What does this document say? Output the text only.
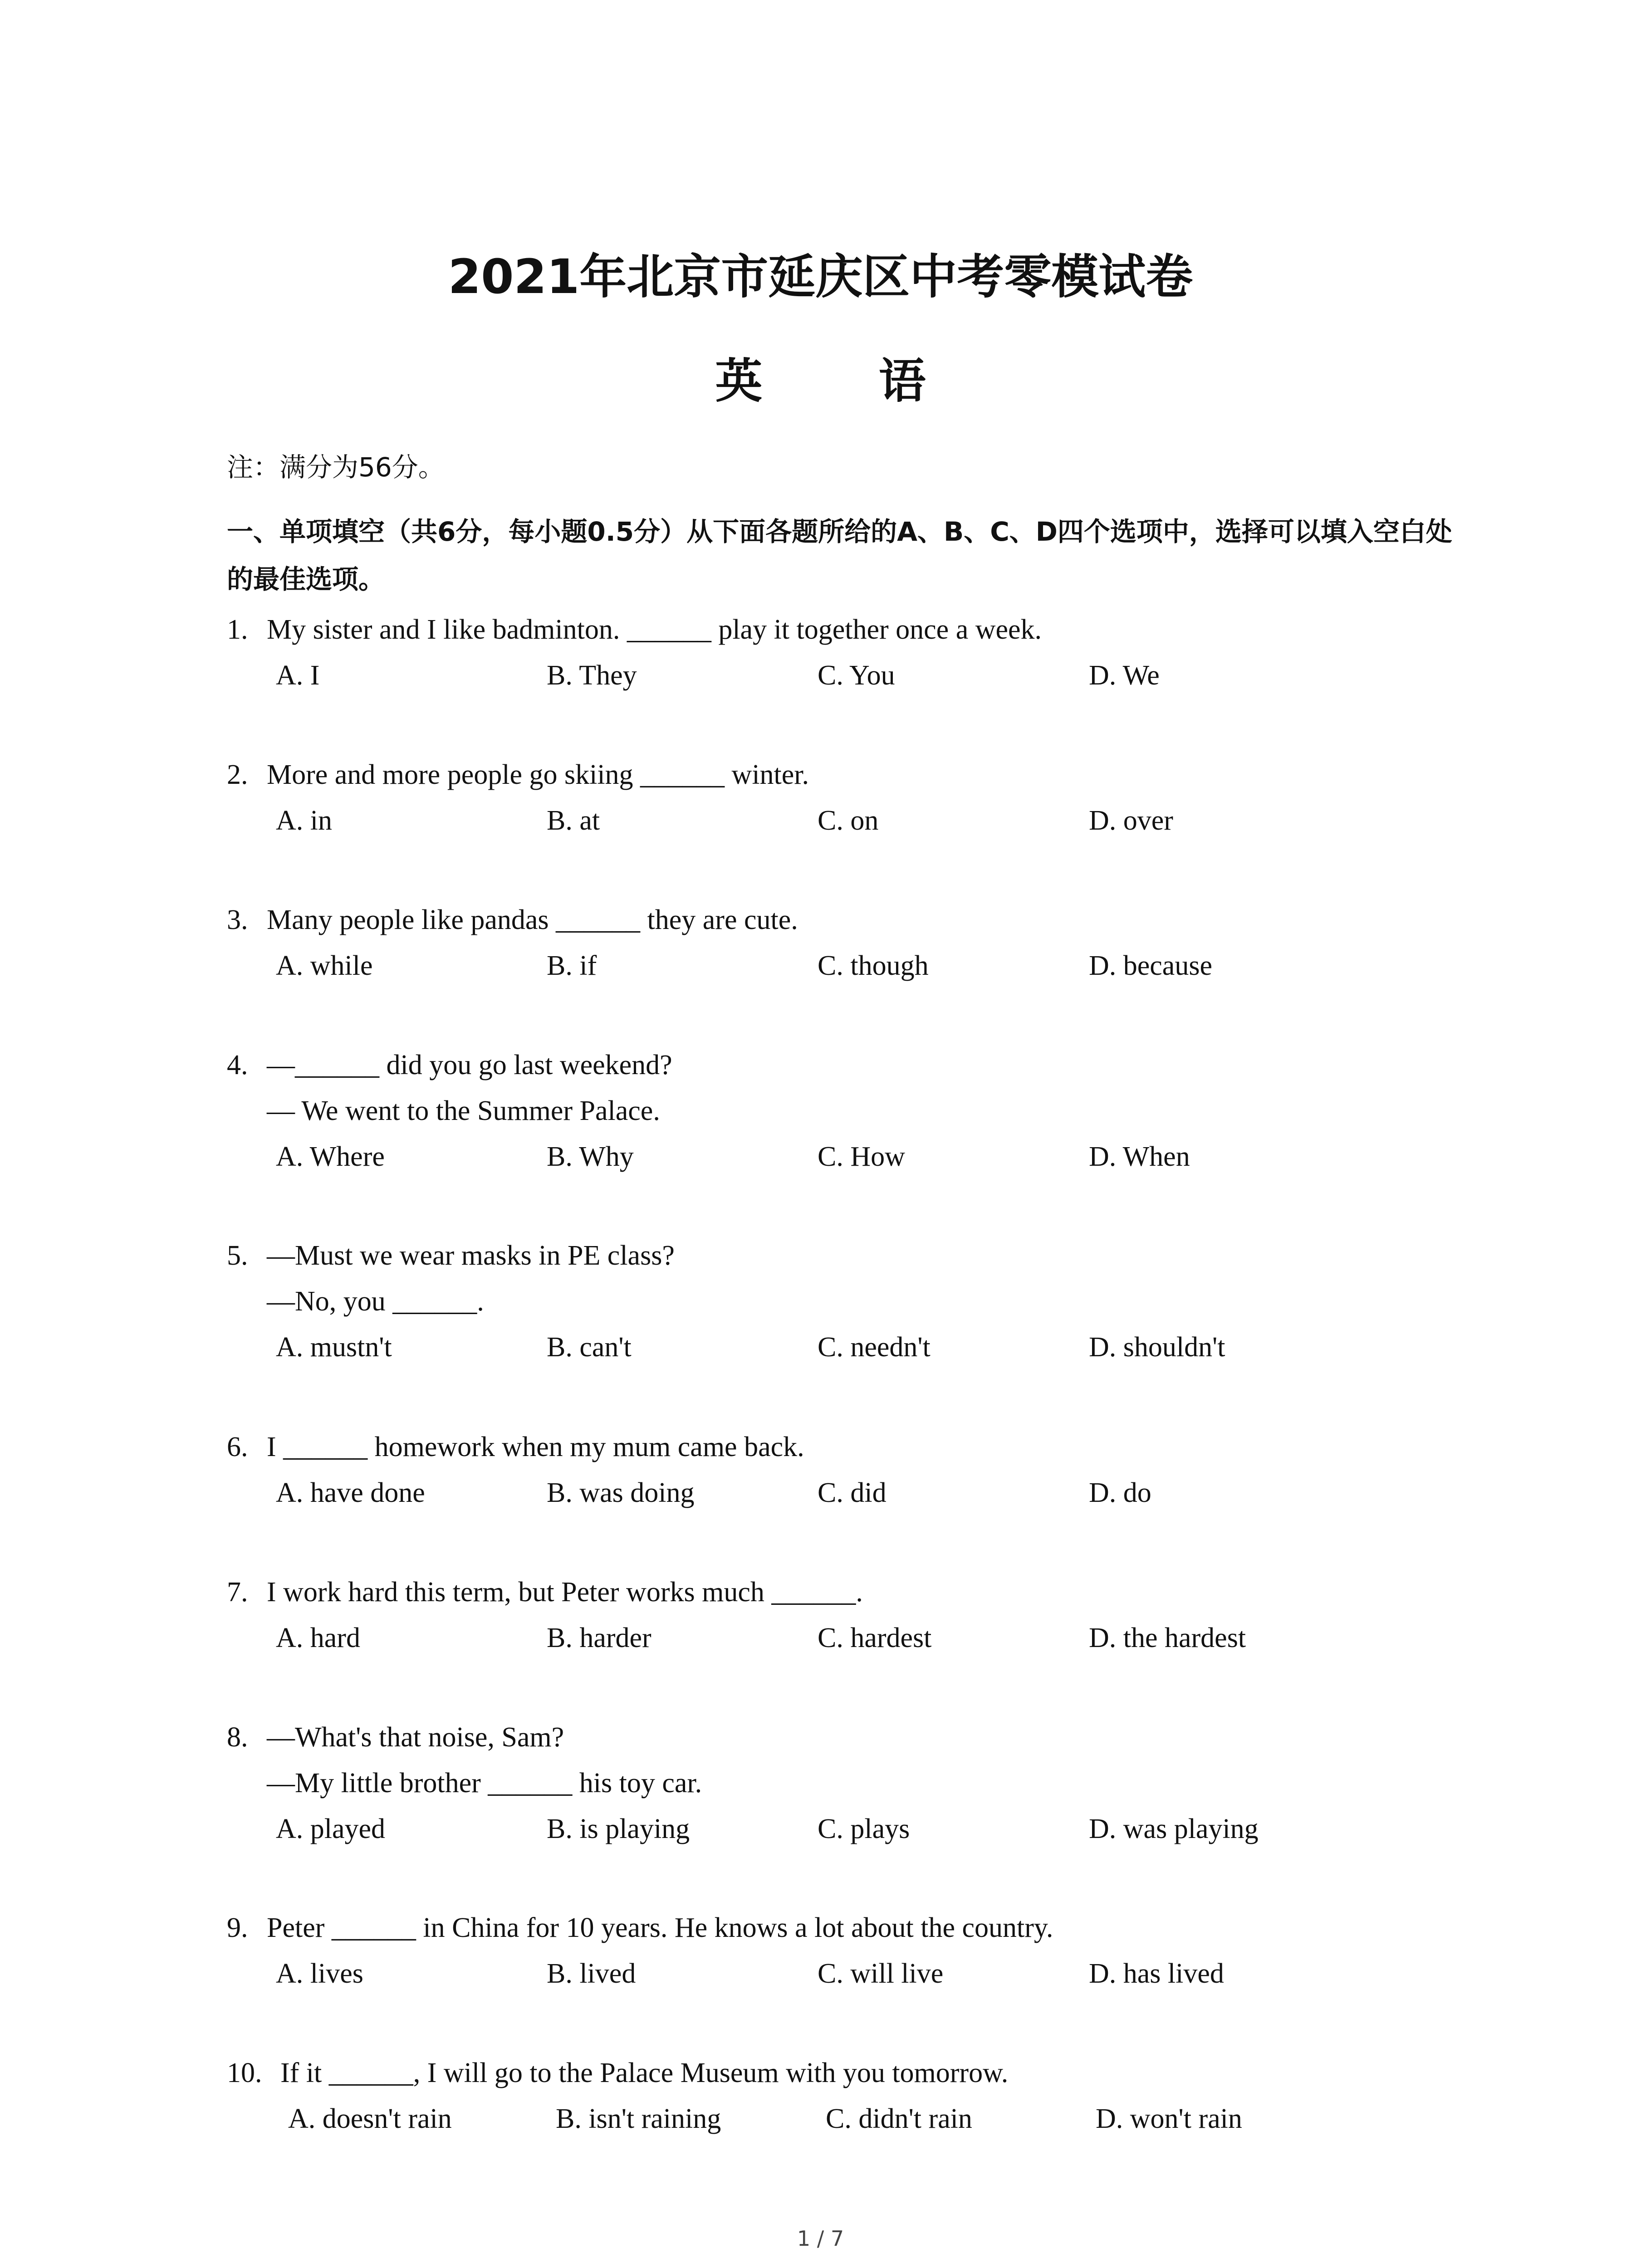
2021年北京市延庆区中考零模试卷
英 语
注：满分为56分。
一、单项填空（共6分，每小题0.5分）从下面各题所给的A、B、C、D四个选项中，选择可以填入空白处的最佳选项。
1. My sister and I like badminton. ______ play it together once a week.
A. I	B. They	C. You	D. We
2. More and more people go skiing ______ winter.
A. in	B. at	C. on	D. over
3. Many people like pandas ______ they are cute.
A. while	B. if	C. though	D. because
4. —______ did you go last weekend?
— We went to the Summer Palace.
A. Where	B. Why	C. How	D. When
5. —Must we wear masks in PE class?
—No, you ______.
A. mustn't	B. can't	C. needn't	D. shouldn't
6. I ______ homework when my mum came back.
A. have done	B. was doing	C. did	D. do
7. I work hard this term, but Peter works much ______.
A. hard	B. harder	C. hardest	D. the hardest
8. —What's that noise, Sam?
—My little brother ______ his toy car.
A. played	B. is playing	C. plays	D. was playing
9. Peter ______ in China for 10 years. He knows a lot about the country.
A. lives	B. lived	C. will live	D. has lived
10. If it ______, I will go to the Palace Museum with you tomorrow.
A. doesn't rain	B. isn't raining	C. didn't rain	D. won't rain
1 / 7
